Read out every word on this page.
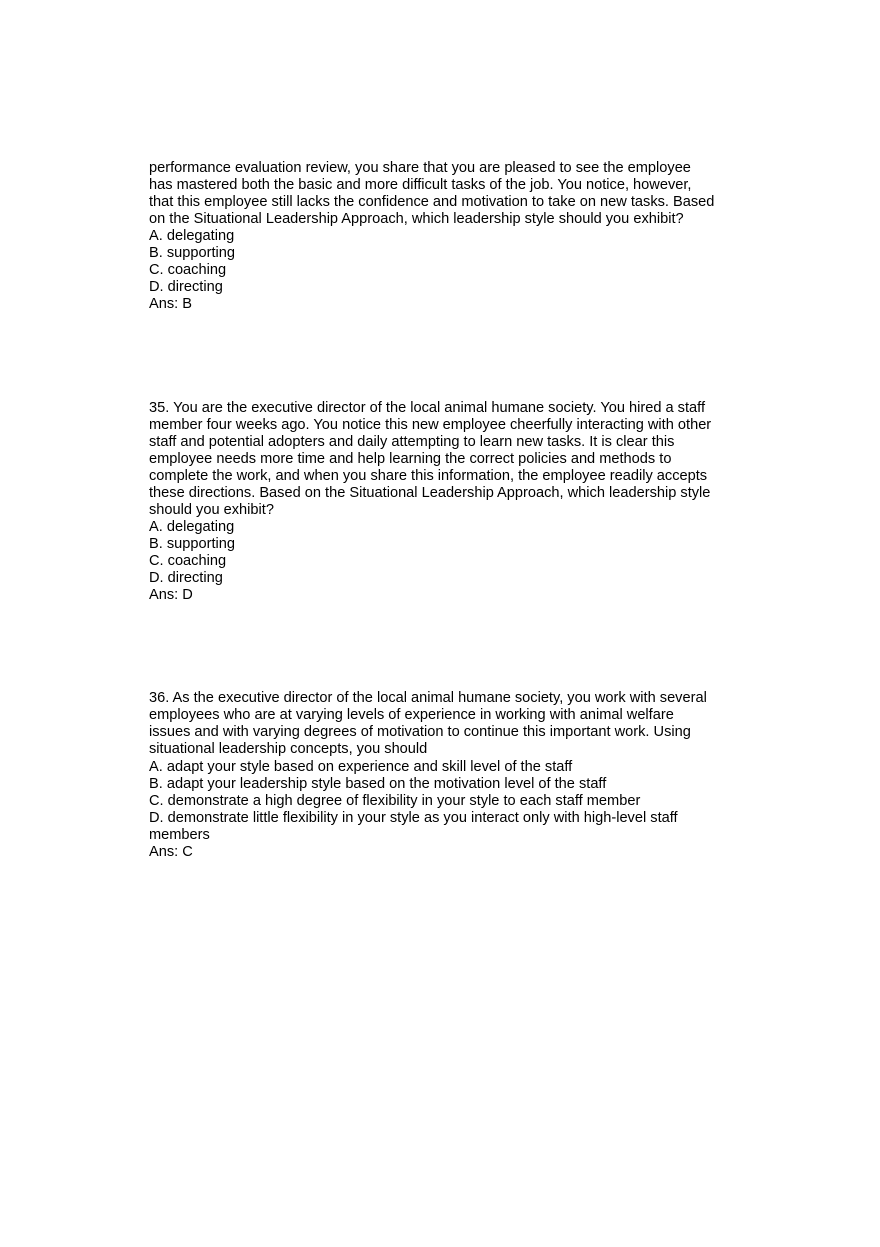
performance evaluation review, you share that you are pleased to see the employee

has mastered both the basic and more difficult tasks of the job. You notice, however,

that this employee still lacks the confidence and motivation to take on new tasks. Based

on the Situational Leadership Approach, which leadership style should you exhibit?

A. delegating

B. supporting

C. coaching

D. directing

Ans: B

35. You are the executive director of the local animal humane society. You hired a staff

member four weeks ago. You notice this new employee cheerfully interacting with other

staff and potential adopters and daily attempting to learn new tasks. It is clear this

employee needs more time and help learning the correct policies and methods to

complete the work, and when you share this information, the employee readily accepts

these directions. Based on the Situational Leadership Approach, which leadership style

should you exhibit?

A. delegating

B. supporting

C. coaching

D. directing

Ans: D

36. As the executive director of the local animal humane society, you work with several

employees who are at varying levels of experience in working with animal welfare

issues and with varying degrees of motivation to continue this important work. Using

situational leadership concepts, you should

A. adapt your style based on experience and skill level of the staff

B. adapt your leadership style based on the motivation level of the staff

C. demonstrate a high degree of flexibility in your style to each staff member

D. demonstrate little flexibility in your style as you interact only with high-level staff

members

Ans: C
